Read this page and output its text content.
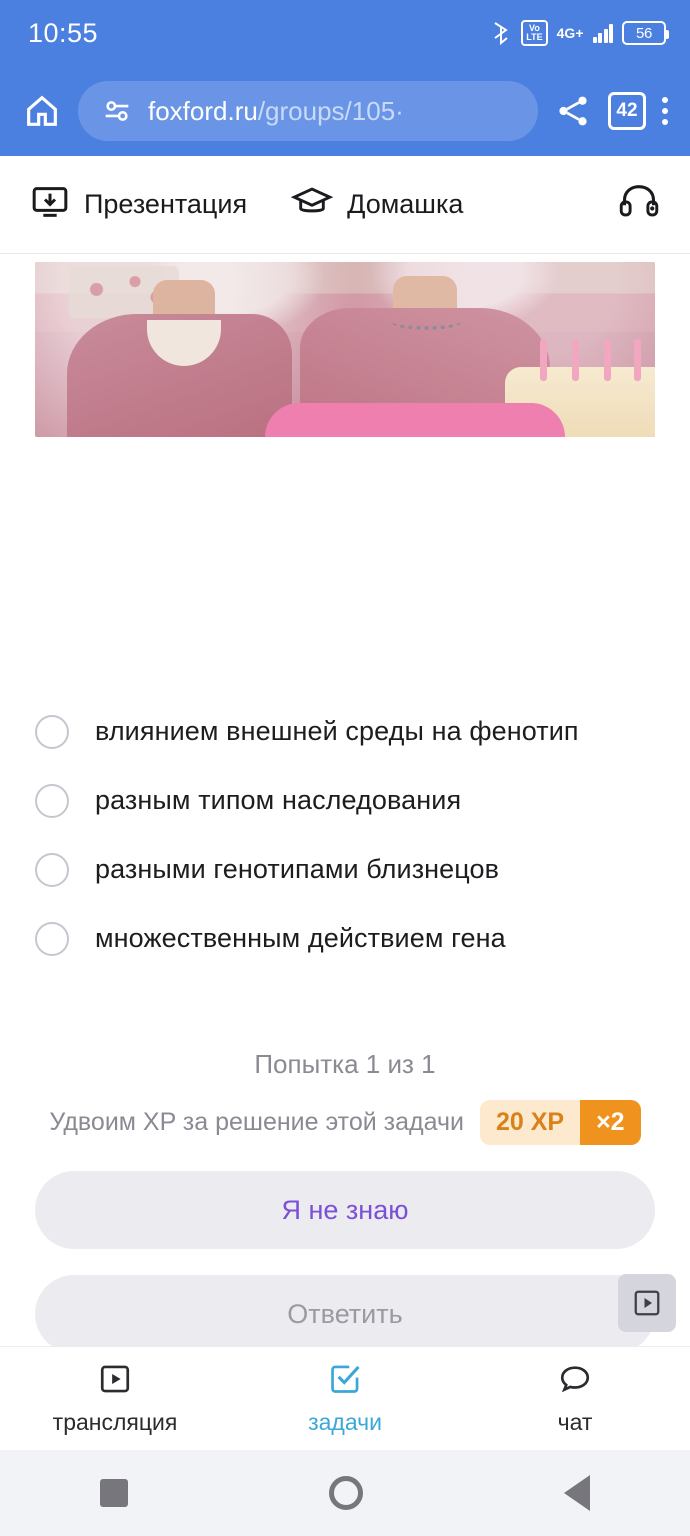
10:55	Vo
LTE 4G+	56
foxford.ru/groups/105·	42
Презентация	Домашка
влиянием внешней среды на фенотип
разным типом наследования
разными генотипами близнецов
множественным действием гена
Попытка 1 из 1
Удвоим XP за решение этой задачи	20 XP	×2
Я не знаю
Ответить
трансляция	задачи	чат
